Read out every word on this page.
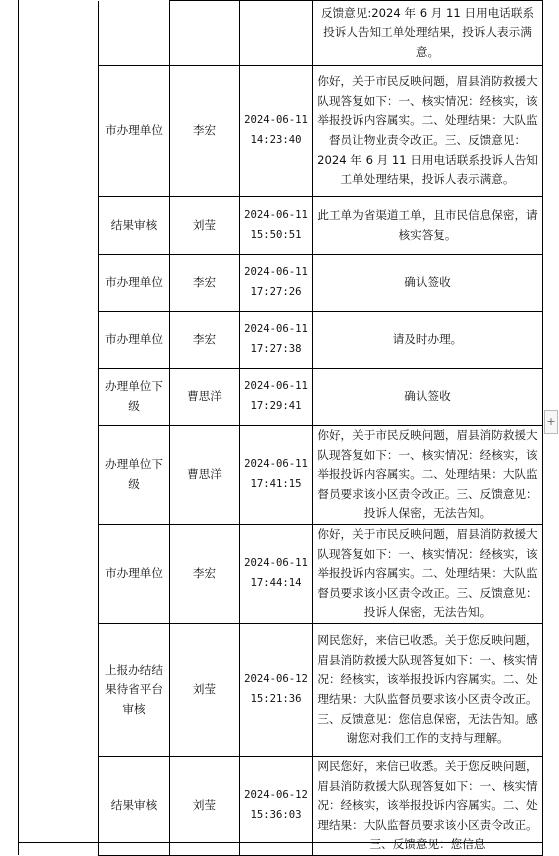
				反馈意见:2024 年 6 月 11 日用电话联系投诉人告知工单处理结果，投诉人表示满意。
	市办理单位	李宏	2024-06-11 14:23:40	你好，关于市民反映问题，眉县消防救援大队现答复如下：一、核实情况：经核实，该举报投诉内容属实。二、处理结果：大队监督员让物业责令改正。三、反馈意见：2024 年 6 月 11 日用电话联系投诉人告知工单处理结果，投诉人表示满意。
	结果审核	刘莹	2024-06-11 15:50:51	此工单为省渠道工单，且市民信息保密，请核实答复。
	市办理单位	李宏	2024-06-11 17:27:26	确认签收
	市办理单位	李宏	2024-06-11 17:27:38	请及时办理。
	办理单位下级	曹思洋	2024-06-11 17:29:41	确认签收
	办理单位下级	曹思洋	2024-06-11 17:41:15	你好，关于市民反映问题，眉县消防救援大队现答复如下：一、核实情况：经核实，该举报投诉内容属实。二、处理结果：大队监督员要求该小区责令改正。三、反馈意见：投诉人保密，无法告知。
	市办理单位	李宏	2024-06-11 17:44:14	你好，关于市民反映问题，眉县消防救援大队现答复如下：一、核实情况：经核实，该举报投诉内容属实。二、处理结果：大队监督员要求该小区责令改正。三、反馈意见：投诉人保密，无法告知。
	上报办结结果待省平台审核	刘莹	2024-06-12 15:21:36	网民您好，来信已收悉。关于您反映问题，眉县消防救援大队现答复如下：一、核实情况：经核实，该举报投诉内容属实。二、处理结果：大队监督员要求该小区责令改正。三、反馈意见：您信息保密，无法告知。感谢您对我们工作的支持与理解。
	结果审核	刘莹	2024-06-12 15:36:03	网民您好，来信已收悉。关于您反映问题，眉县消防救援大队现答复如下：一、核实情况：经核实，该举报投诉内容属实。二、处理结果：大队监督员要求该小区责令改正。三、反馈意见：您信息
+
